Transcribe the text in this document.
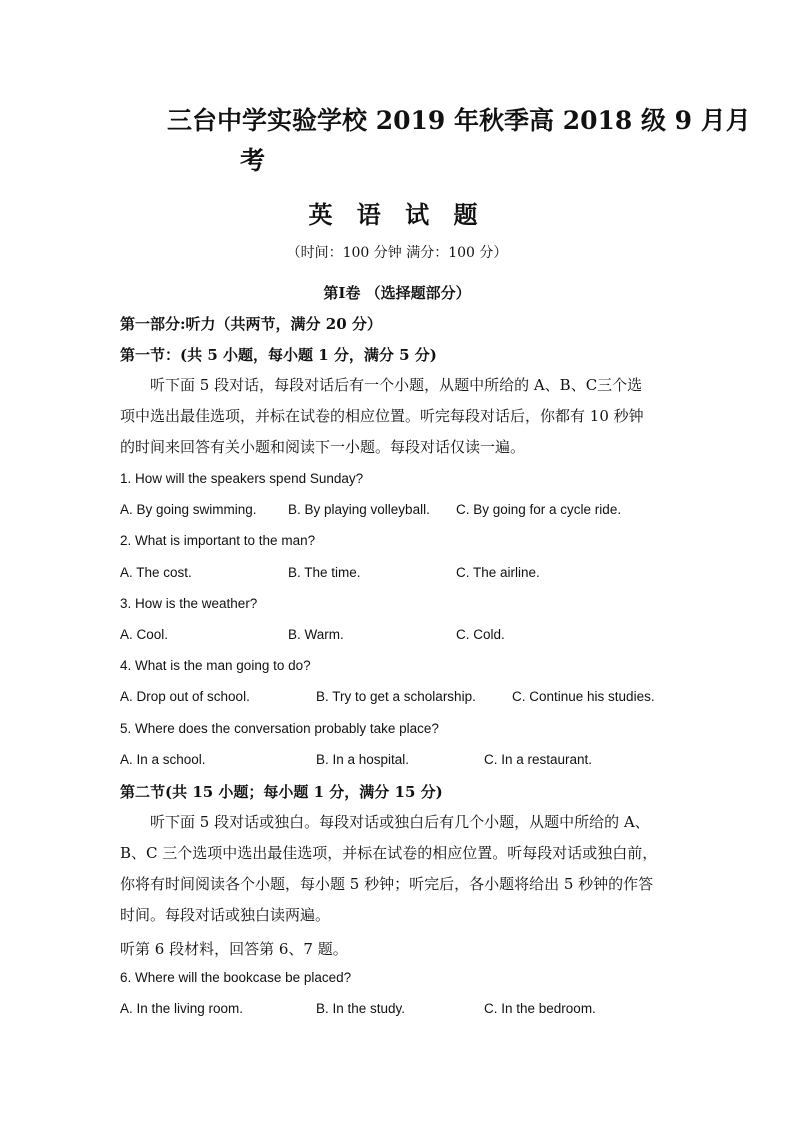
三台中学实验学校 2019 年秋季高 2018 级 9 月月
考
英 语 试 题
（时间：100 分钟 满分：100 分）
第Ⅰ卷 （选择题部分）
第一部分:听力（共两节，满分 20 分）
第一节：(共 5 小题，每小题 1 分，满分 5 分)

听下面 5 段对话，每段对话后有一个小题，从题中所给的 A、B、C三个选

项中选出最佳选项，并标在试卷的相应位置。听完每段对话后，你都有 10 秒钟

的时间来回答有关小题和阅读下一小题。每段对话仅读一遍。

1. How will the speakers spend Sunday?
A. By going swimming. B. By playing volleyball. C. By going for a cycle ride.
2. What is important to the man?
A. The cost.	B. The time.	C. The airline.
3. How is the weather?
A. Cool.	B. Warm.	C. Cold.
4. What is the man going to do?
A. Drop out of school.	B. Try to get a scholarship.	C. Continue his studies.
5. Where does the conversation probably take place?
A. In a school.	B. In a hospital.	C. In a restaurant.
第二节(共 15 小题；每小题 1 分，满分 15 分)

听下面 5 段对话或独白。每段对话或独白后有几个小题，从题中所给的 A、

B、C 三个选项中选出最佳选项，并标在试卷的相应位置。听每段对话或独白前，

你将有时间阅读各个小题，每小题 5 秒钟；听完后，各小题将给出 5 秒钟的作答

时间。每段对话或独白读两遍。

听第 6 段材料，回答第 6、7 题。
6. Where will the bookcase be placed?
A. In the living room.	B. In the study.	C. In the bedroom.
